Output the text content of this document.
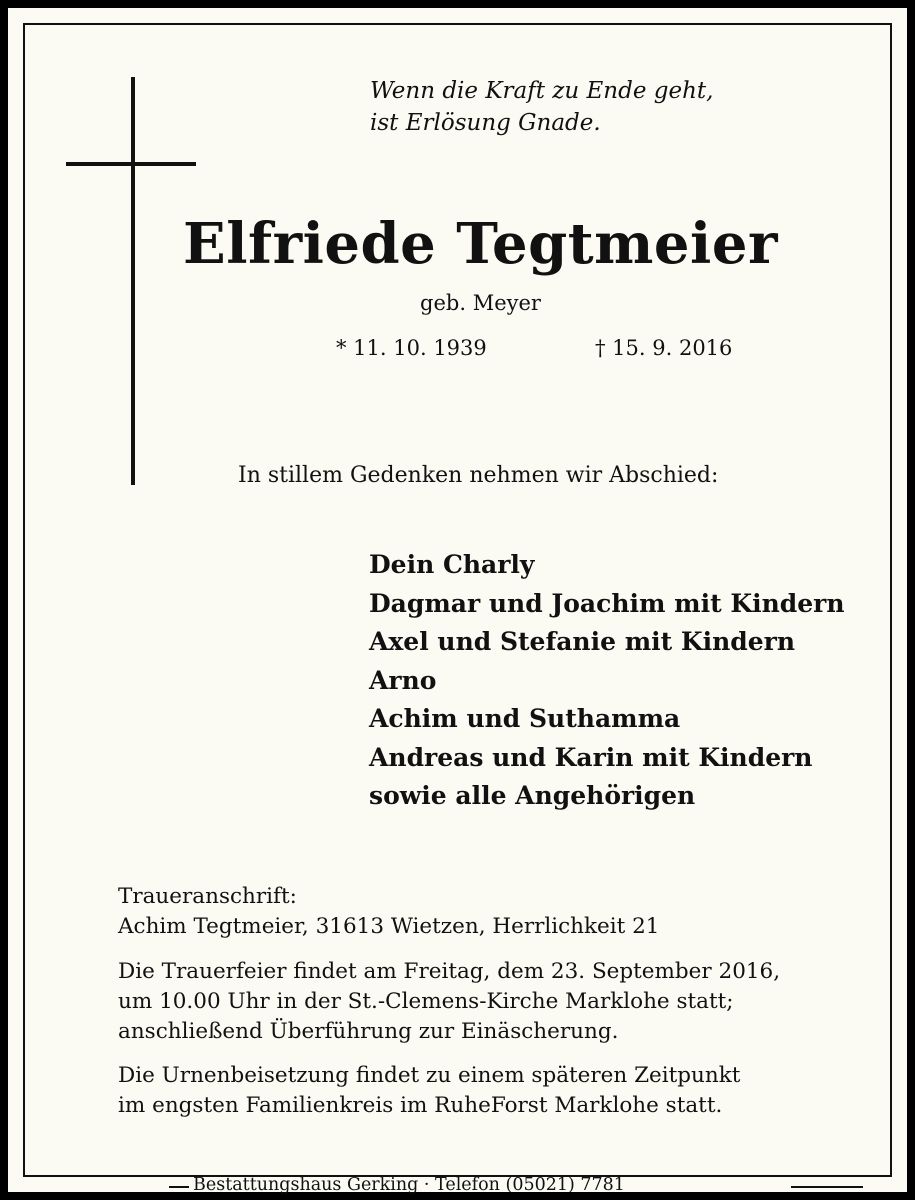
Wenn die Kraft zu Ende geht,
ist Erlösung Gnade.
Elfriede Tegtmeier
geb. Meyer
* 11. 10. 1939	† 15. 9. 2016
In stillem Gedenken nehmen wir Abschied:
Dein Charly
Dagmar und Joachim mit Kindern
Axel und Stefanie mit Kindern
Arno
Achim und Suthamma
Andreas und Karin mit Kindern
sowie alle Angehörigen
Traueranschrift:
Achim Tegtmeier, 31613 Wietzen, Herrlichkeit 21
Die Trauerfeier findet am Freitag, dem 23. September 2016,
um 10.00 Uhr in der St.-Clemens-Kirche Marklohe statt;
anschließend Überführung zur Einäscherung.
Die Urnenbeisetzung findet zu einem späteren Zeitpunkt
im engsten Familienkreis im RuheForst Marklohe statt.
Bestattungshaus Gerking · Telefon (05021) 7781
